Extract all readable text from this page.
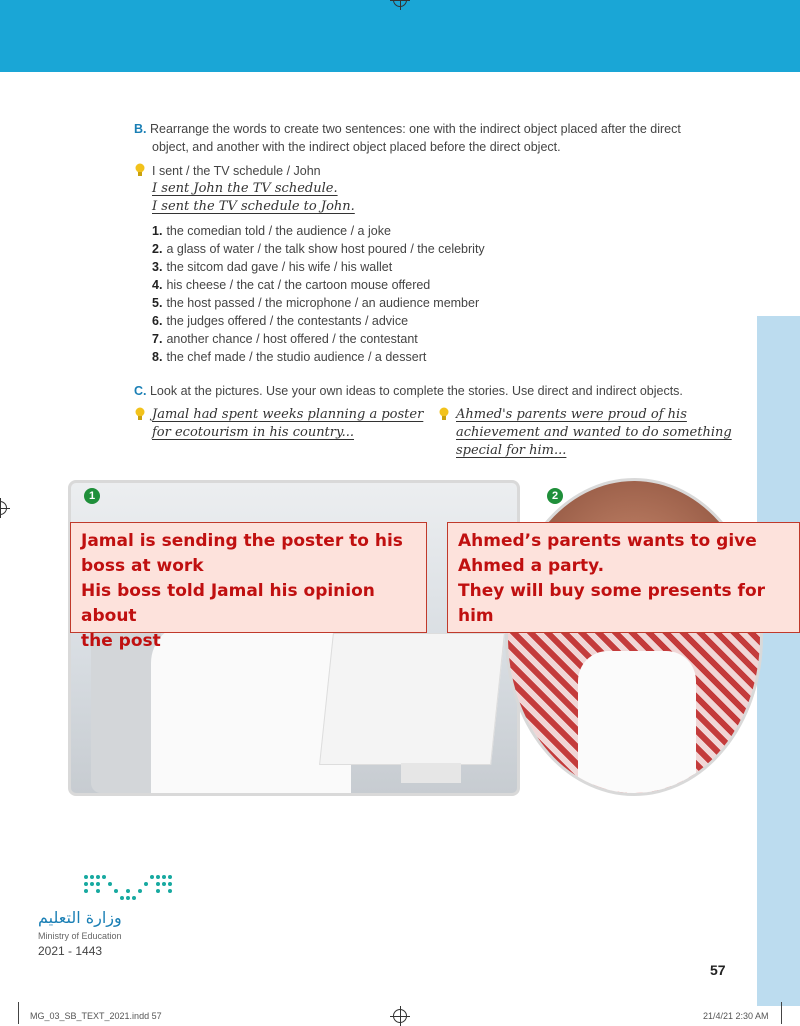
B. Rearrange the words to create two sentences: one with the indirect object placed after the direct
object, and another with the indirect object placed before the direct object.
I sent / the TV schedule / John
I sent John the TV schedule.
I sent the TV schedule to John.
1. the comedian told / the audience / a joke
2. a glass of water / the talk show host poured / the celebrity
3. the sitcom dad gave / his wife / his wallet
4. his cheese / the cat / the cartoon mouse offered
5. the host passed / the microphone / an audience member
6. the judges offered / the contestants / advice
7. another chance / host offered / the contestant
8. the chef made / the studio audience / a dessert
C. Look at the pictures. Use your own ideas to complete the stories. Use direct and indirect objects.
Jamal had spent weeks planning a poster
for ecotourism in his country...
Ahmed's parents were proud of his
achievement and wanted to do something
special for him...
1	2
Jamal is sending the poster to his
boss at work
His boss told Jamal his opinion about
the post
Ahmed’s parents wants to give
Ahmed a party.
They will buy some presents for him
وزارة التعليم
Ministry of Education
2021 - 1443
57
MG_03_SB_TEXT_2021.indd 57	21/4/21 2:30 AM
